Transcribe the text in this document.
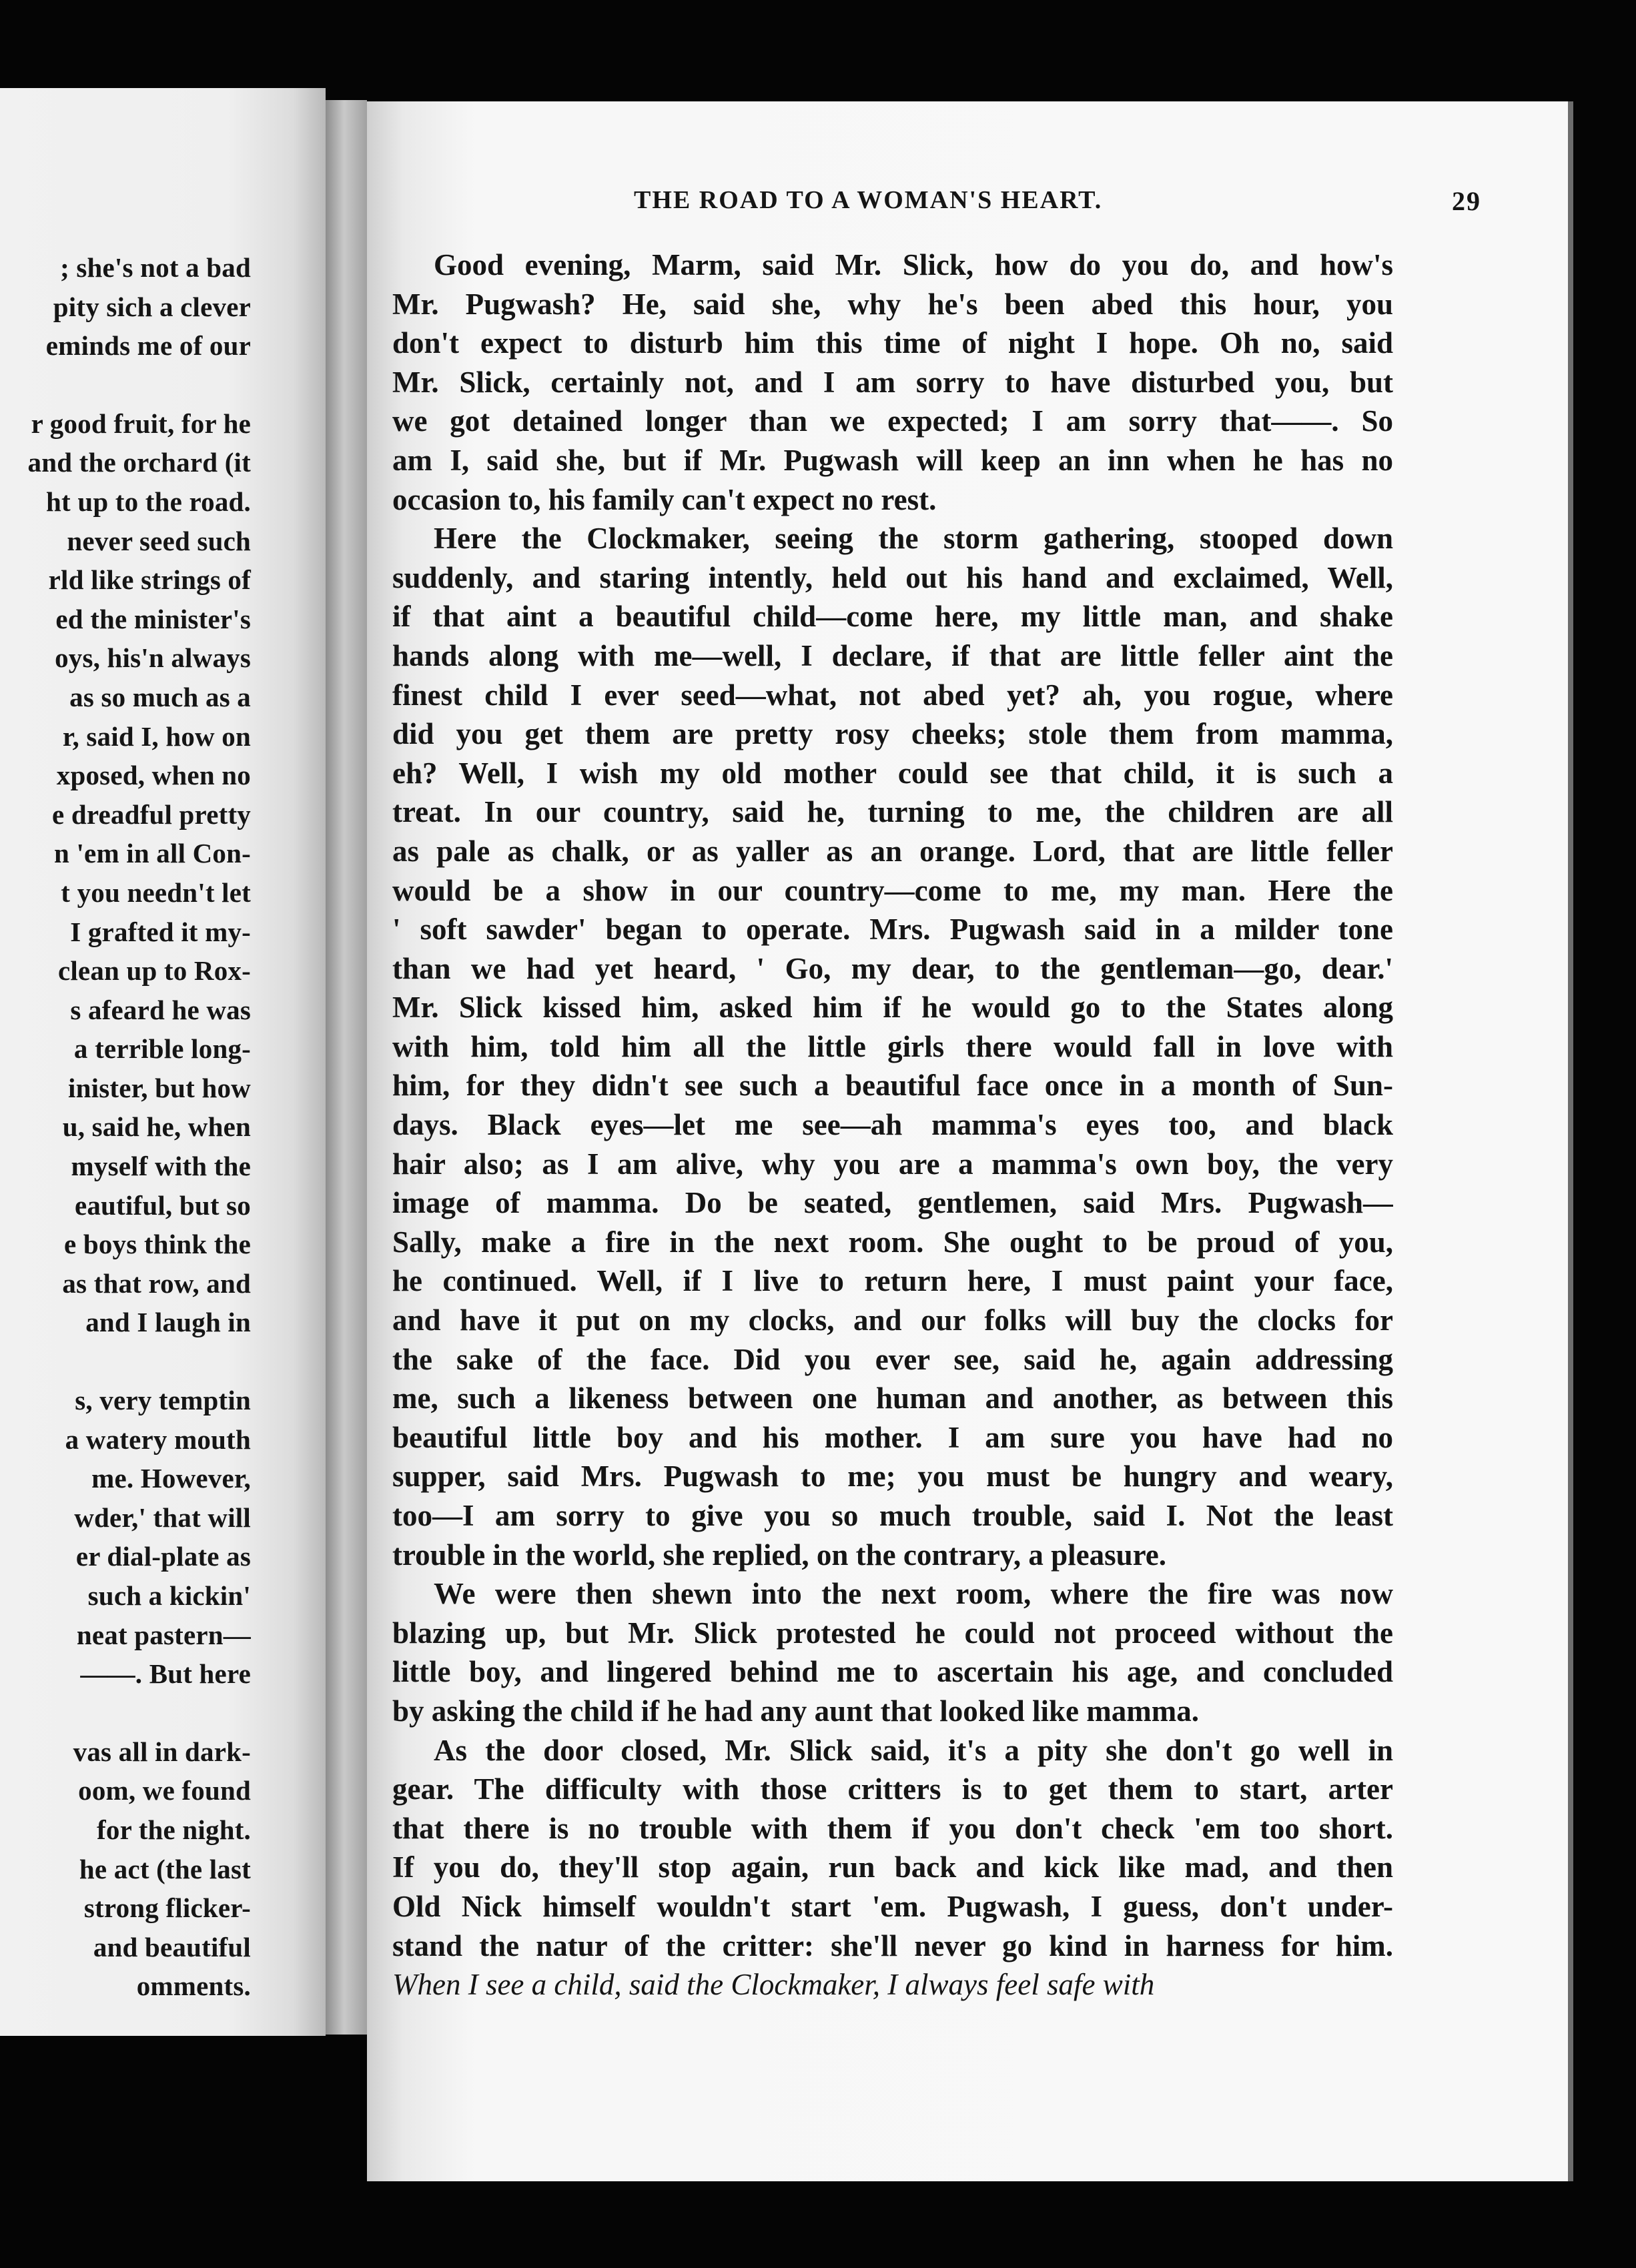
; she's not a bad
pity sich a clever
eminds me of our
r good fruit, for he
and the orchard (it
ht up to the road.
never seed such
rld like strings of
ed the minister's
oys, his'n always
as so much as a
r, said I, how on
xposed, when no
e dreadful pretty
n 'em in all Con-
t you needn't let
I grafted it my-
clean up to Rox-
s afeard he was
a terrible long-
inister, but how
u, said he, when
myself with the
eautiful, but so
e boys think the
as that row, and
and I laugh in
s, very temptin
a watery mouth
me. However,
wder,' that will
er dial-plate as
such a kickin'
neat pastern—
——. But here
vas all in dark-
oom, we found
for the night.
he act (the last
strong flicker-
and beautiful
omments.
THE ROAD TO A WOMAN'S HEART.	29
Good evening, Marm, said Mr. Slick, how do you do, and how's
Mr. Pugwash? He, said she, why he's been abed this hour, you
don't expect to disturb him this time of night I hope. Oh no, said
Mr. Slick, certainly not, and I am sorry to have disturbed you, but
we got detained longer than we expected; I am sorry that——. So
am I, said she, but if Mr. Pugwash will keep an inn when he has no
occasion to, his family can't expect no rest.
Here the Clockmaker, seeing the storm gathering, stooped down
suddenly, and staring intently, held out his hand and exclaimed, Well,
if that aint a beautiful child—come here, my little man, and shake
hands along with me—well, I declare, if that are little feller aint the
finest child I ever seed—what, not abed yet? ah, you rogue, where
did you get them are pretty rosy cheeks; stole them from mamma,
eh? Well, I wish my old mother could see that child, it is such a
treat. In our country, said he, turning to me, the children are all
as pale as chalk, or as yaller as an orange. Lord, that are little feller
would be a show in our country—come to me, my man. Here the
' soft sawder' began to operate. Mrs. Pugwash said in a milder tone
than we had yet heard, ' Go, my dear, to the gentleman—go, dear.'
Mr. Slick kissed him, asked him if he would go to the States along
with him, told him all the little girls there would fall in love with
him, for they didn't see such a beautiful face once in a month of Sun-
days. Black eyes—let me see—ah mamma's eyes too, and black
hair also; as I am alive, why you are a mamma's own boy, the very
image of mamma. Do be seated, gentlemen, said Mrs. Pugwash—
Sally, make a fire in the next room. She ought to be proud of you,
he continued. Well, if I live to return here, I must paint your face,
and have it put on my clocks, and our folks will buy the clocks for
the sake of the face. Did you ever see, said he, again addressing
me, such a likeness between one human and another, as between this
beautiful little boy and his mother. I am sure you have had no
supper, said Mrs. Pugwash to me; you must be hungry and weary,
too—I am sorry to give you so much trouble, said I. Not the least
trouble in the world, she replied, on the contrary, a pleasure.
We were then shewn into the next room, where the fire was now
blazing up, but Mr. Slick protested he could not proceed without the
little boy, and lingered behind me to ascertain his age, and concluded
by asking the child if he had any aunt that looked like mamma.
As the door closed, Mr. Slick said, it's a pity she don't go well in
gear. The difficulty with those critters is to get them to start, arter
that there is no trouble with them if you don't check 'em too short.
If you do, they'll stop again, run back and kick like mad, and then
Old Nick himself wouldn't start 'em. Pugwash, I guess, don't under-
stand the natur of the critter: she'll never go kind in harness for him.
When I see a child, said the Clockmaker, I always feel safe with
